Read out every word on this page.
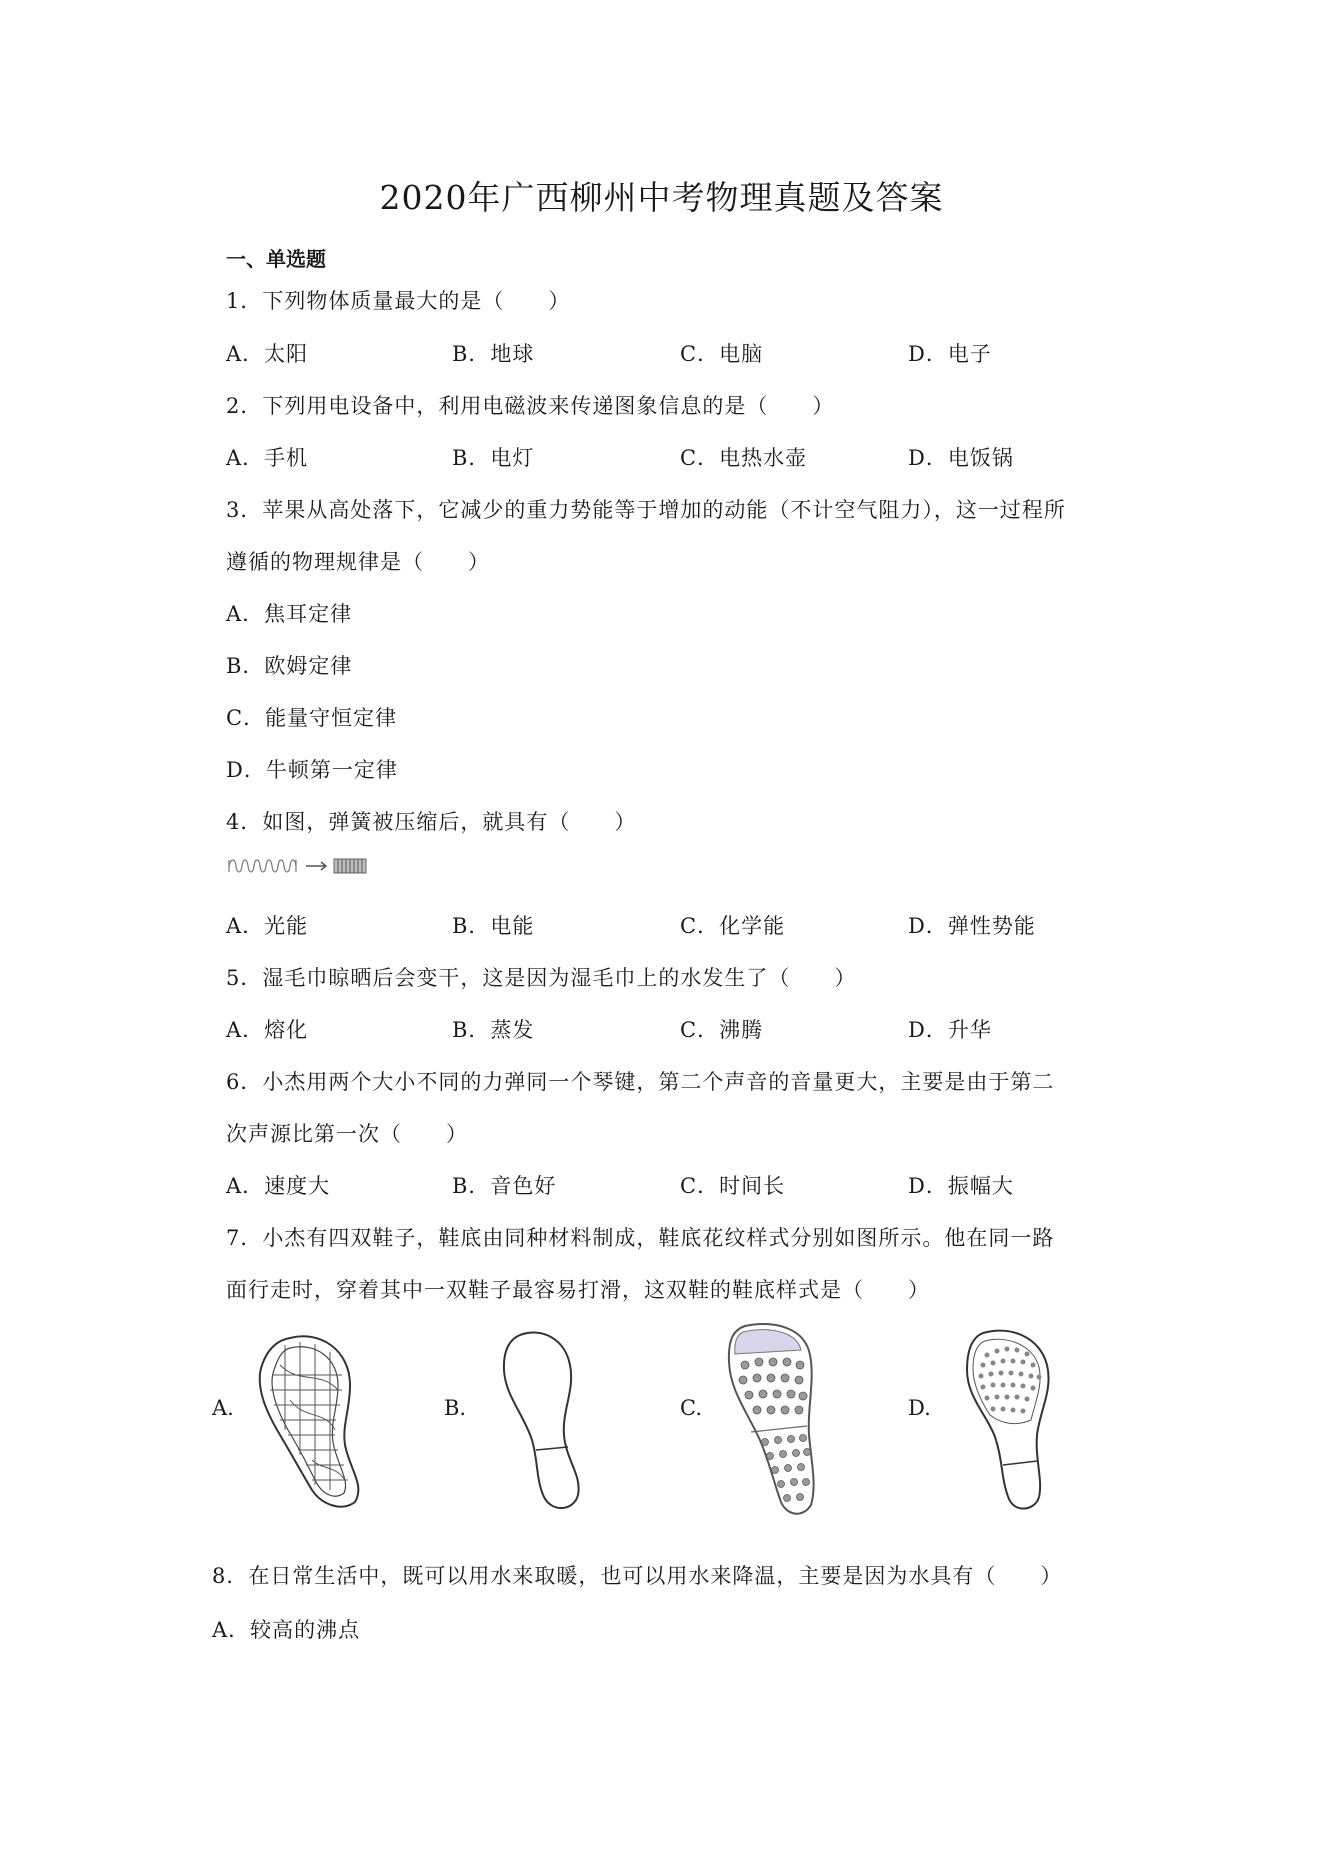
2020年广西柳州中考物理真题及答案
一、单选题
1．下列物体质量最大的是（　　）
A．太阳	B．地球	C．电脑	D．电子
2．下列用电设备中，利用电磁波来传递图象信息的是（　　）
A．手机	B．电灯	C．电热水壶	D．电饭锅
3．苹果从高处落下，它减少的重力势能等于增加的动能（不计空气阻力），这一过程所
遵循的物理规律是（　　）
A．焦耳定律
B．欧姆定律
C．能量守恒定律
D．牛顿第一定律
4．如图，弹簧被压缩后，就具有（　　）
A．光能	B．电能	C．化学能	D．弹性势能
5．湿毛巾晾晒后会变干，这是因为湿毛巾上的水发生了（　　）
A．熔化	B．蒸发	C．沸腾	D．升华
6．小杰用两个大小不同的力弹同一个琴键，第二个声音的音量更大，主要是由于第二
次声源比第一次（　　）
A．速度大	B．音色好	C．时间长	D．振幅大
7．小杰有四双鞋子，鞋底由同种材料制成，鞋底花纹样式分别如图所示。他在同一路
面行走时，穿着其中一双鞋子最容易打滑，这双鞋的鞋底样式是（　　）
A.	B.	C.	D.
8．在日常生活中，既可以用水来取暖，也可以用水来降温，主要是因为水具有（　　）
A．较高的沸点
